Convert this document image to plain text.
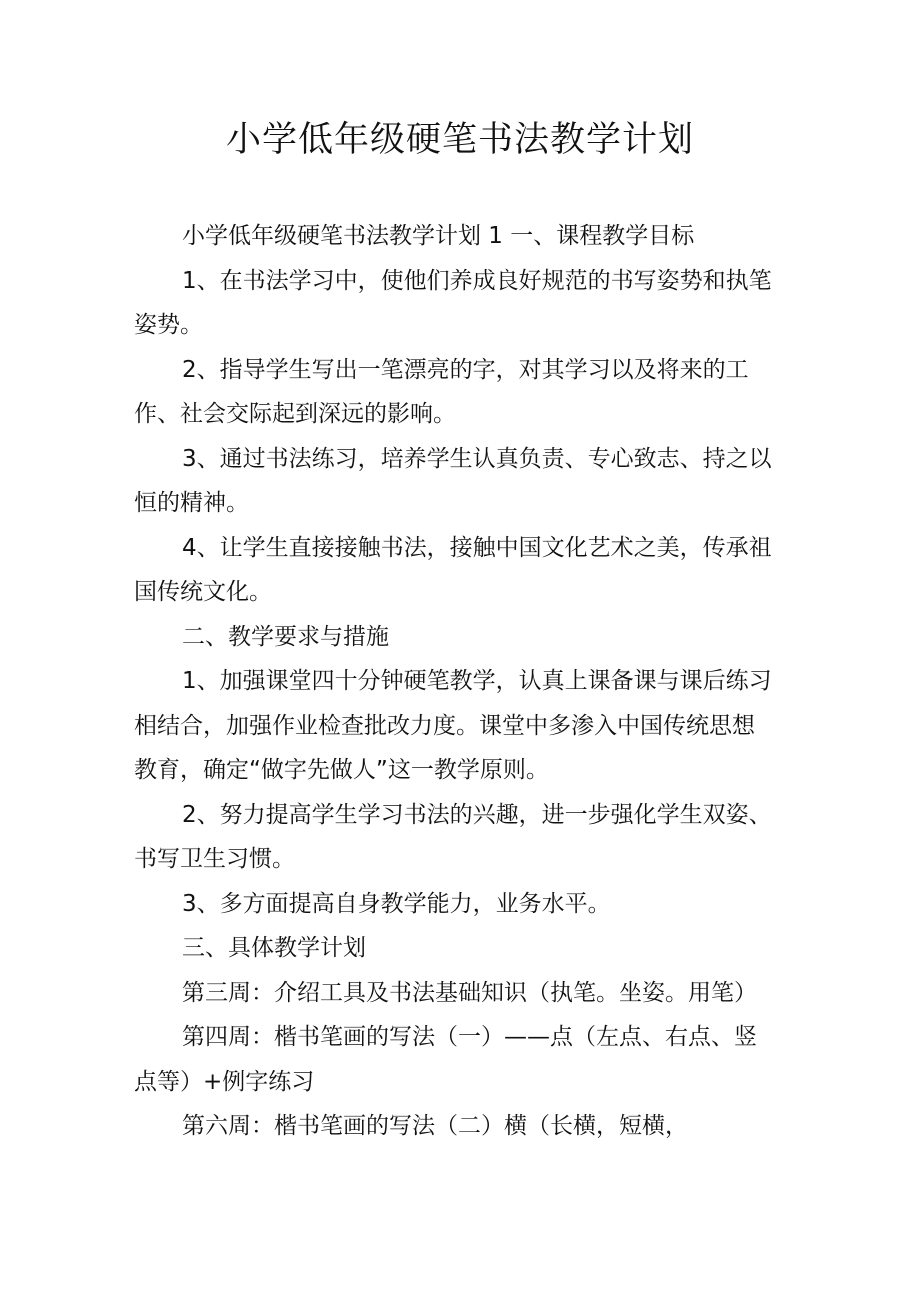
小学低年级硬笔书法教学计划

小学低年级硬笔书法教学计划 1 一、课程教学目标

1、在书法学习中，使他们养成良好规范的书写姿势和执笔姿势。

2、指导学生写出一笔漂亮的字，对其学习以及将来的工作、社会交际起到深远的影响。

3、通过书法练习，培养学生认真负责、专心致志、持之以恒的精神。

4、让学生直接接触书法，接触中国文化艺术之美，传承祖国传统文化。

二、教学要求与措施

1、加强课堂四十分钟硬笔教学，认真上课备课与课后练习相结合，加强作业检查批改力度。课堂中多渗入中国传统思想教育，确定“做字先做人”这一教学原则。

2、努力提高学生学习书法的兴趣，进一步强化学生双姿、书写卫生习惯。

3、多方面提高自身教学能力，业务水平。

三、具体教学计划

第三周：介绍工具及书法基础知识（执笔。坐姿。用笔）

第四周：楷书笔画的写法（一）——点（左点、右点、竖点等）+例字练习

第六周：楷书笔画的写法（二）横（长横，短横，
